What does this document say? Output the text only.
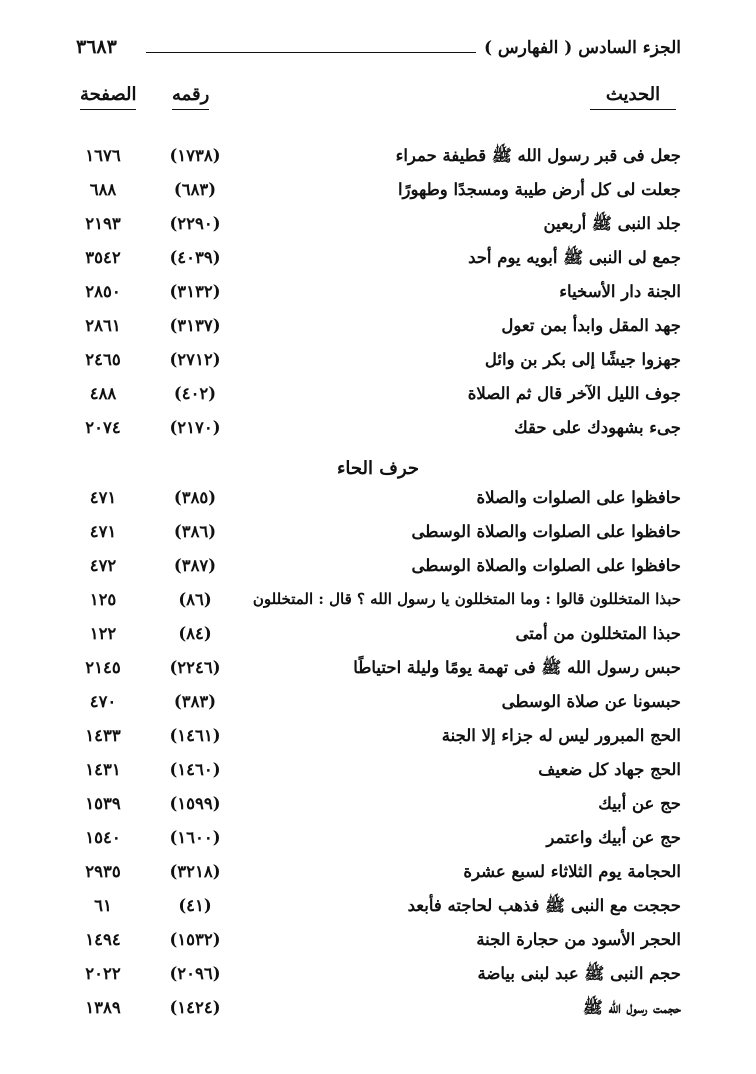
الجزء السادس ( الفهارس )
٣٦٨٣
الحديث
رقمه
الصفحة
جعل فى قبر رسول الله ﷺ قطيفة حمراء
(١٧٣٨)
١٦٧٦
جعلت لى كل أرض طيبة ومسجدًا وطهورًا
(٦٨٣)
٦٨٨
جلد النبى ﷺ أربعين
(٢٢٩٠)
٢١٩٣
جمع لى النبى ﷺ أبويه يوم أحد
(٤٠٣٩)
٣٥٤٢
الجنة دار الأسخياء
(٣١٣٢)
٢٨٥٠
جهد المقل وابدأ بمن تعول
(٣١٣٧)
٢٨٦١
جهزوا جيشًا إلى بكر بن وائل
(٢٧١٢)
٢٤٦٥
جوف الليل الآخر قال ثم الصلاة
(٤٠٢)
٤٨٨
جىء بشهودك على حقك
(٢١٧٠)
٢٠٧٤
حرف الحاء
حافظوا على الصلوات والصلاة
(٣٨٥)
٤٧١
حافظوا على الصلوات والصلاة الوسطى
(٣٨٦)
٤٧١
حافظوا على الصلوات والصلاة الوسطى
(٣٨٧)
٤٧٢
حبذا المتخللون قالوا : وما المتخللون يا رسول الله ؟ قال : المتخللون
(٨٦)
١٢٥
حبذا المتخللون من أمتى
(٨٤)
١٢٢
حبس رسول الله ﷺ فى تهمة يومًا وليلة احتياطًا
(٢٢٤٦)
٢١٤٥
حبسونا عن صلاة الوسطى
(٣٨٣)
٤٧٠
الحج المبرور ليس له جزاء إلا الجنة
(١٤٦١)
١٤٣٣
الحج جهاد كل ضعيف
(١٤٦٠)
١٤٣١
حج عن أبيك
(١٥٩٩)
١٥٣٩
حج عن أبيك واعتمر
(١٦٠٠)
١٥٤٠
الحجامة يوم الثلاثاء لسبع عشرة
(٣٢١٨)
٢٩٣٥
حججت مع النبى ﷺ فذهب لحاجته فأبعد
(٤١)
٦١
الحجر الأسود من حجارة الجنة
(١٥٣٢)
١٤٩٤
حجم النبى ﷺ عبد لبنى بياضة
(٢٠٩٦)
٢٠٢٢
حجمت رسول الله ﷺ
(١٤٢٤)
١٣٨٩
